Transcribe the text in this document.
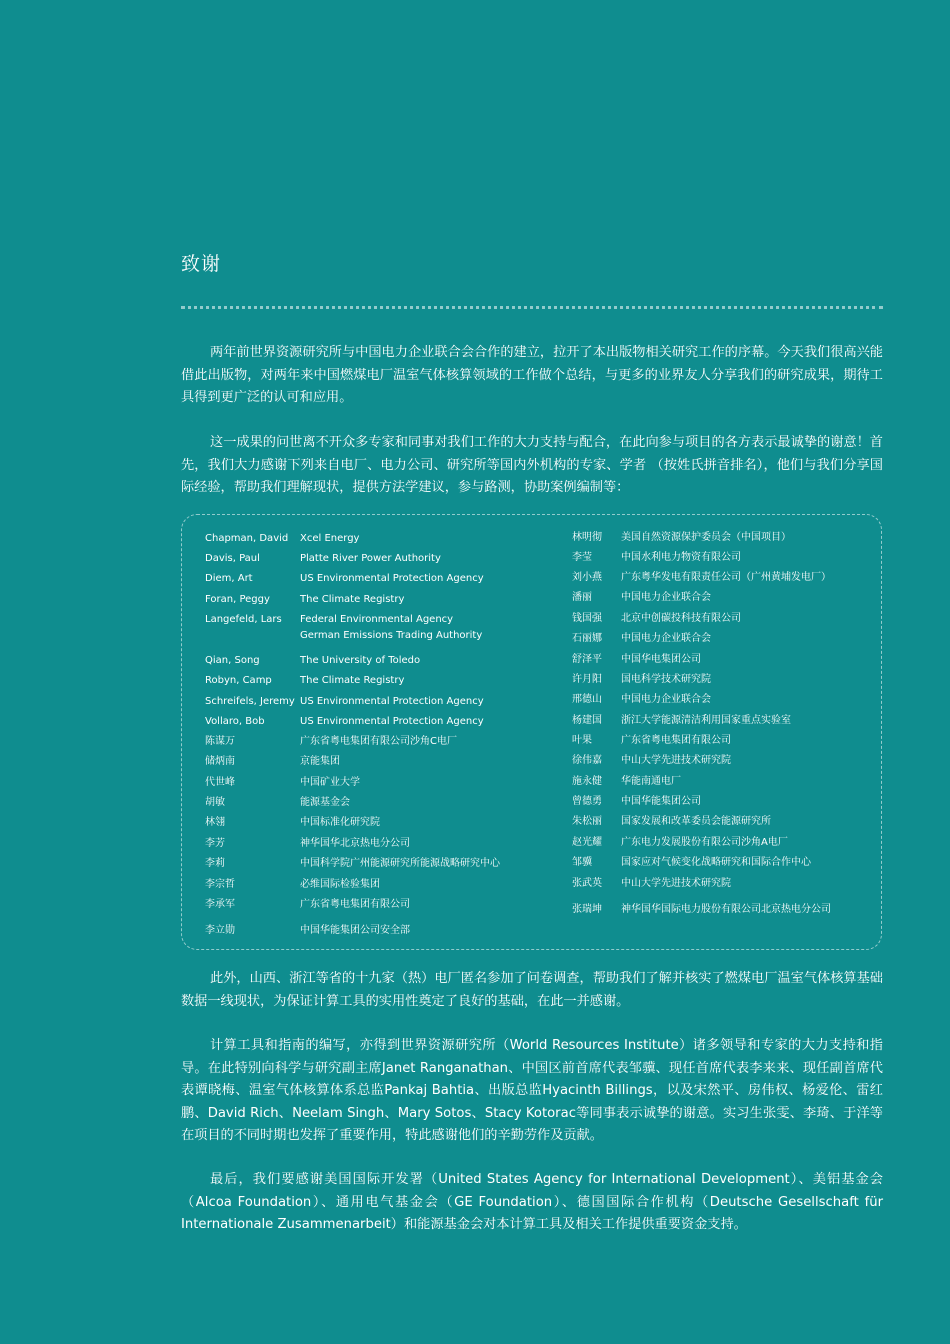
致谢

两年前世界资源研究所与中国电力企业联合会合作的建立，拉开了本出版物相关研究工作的序幕。今天我们很高兴能借此出版物，对两年来中国燃煤电厂温室气体核算领域的工作做个总结，与更多的业界友人分享我们的研究成果，期待工具得到更广泛的认可和应用。

这一成果的问世离不开众多专家和同事对我们工作的大力支持与配合，在此向参与项目的各方表示最诚挚的谢意！首先，我们大力感谢下列来自电厂、电力公司、研究所等国内外机构的专家、学者 （按姓氏拼音排名），他们与我们分享国际经验，帮助我们理解现状，提供方法学建议，参与路测，协助案例编制等：

Chapman, David Xcel Energy
Davis, Paul	Platte River Power Authority
Diem, Art	US Environmental Protection Agency
Foran, Peggy	The Climate Registry
Langefeld, Lars Federal Environmental Agency
German Emissions Trading Authority
Qian, Song	The University of Toledo
Robyn, Camp	The Climate Registry
Schreifels, Jeremy US Environmental Protection Agency
Vollaro, Bob	US Environmental Protection Agency
陈谋万	广东省粤电集团有限公司沙角C电厂
储炳南	京能集团
代世峰	中国矿业大学
胡敏	能源基金会
林翎	中国标准化研究院
李芳	神华国华北京热电分公司
李莉	中国科学院广州能源研究所能源战略研究中心
李宗哲	必维国际检验集团
李承军	广东省粤电集团有限公司
李立勋	中国华能集团公司安全部
林明彻 美国自然资源保护委员会（中国项目）
李莹	中国水利电力物资有限公司
刘小燕 广东粤华发电有限责任公司（广州黄埔发电厂）
潘丽	中国电力企业联合会
钱国强 北京中创碳投科技有限公司
石丽娜 中国电力企业联合会
舒泽平 中国华电集团公司
许月阳 国电科学技术研究院
邢德山 中国电力企业联合会
杨建国 浙江大学能源清洁利用国家重点实验室
叶果	广东省粤电集团有限公司
徐伟嘉 中山大学先进技术研究院
施永健 华能南通电厂
曾德勇 中国华能集团公司
朱松丽 国家发展和改革委员会能源研究所
赵光耀 广东电力发展股份有限公司沙角A电厂
邹骥	国家应对气候变化战略研究和国际合作中心
张武英 中山大学先进技术研究院
张瑞坤 神华国华国际电力股份有限公司北京热电分公司

此外，山西、浙江等省的十九家（热）电厂匿名参加了问卷调查，帮助我们了解并核实了燃煤电厂温室气体核算基础数据一线现状，为保证计算工具的实用性奠定了良好的基础，在此一并感谢。

计算工具和指南的编写，亦得到世界资源研究所（World Resources Institute）诸多领导和专家的大力支持和指导。在此特别向科学与研究副主席Janet Ranganathan、中国区前首席代表邹骥、现任首席代表李来来、现任副首席代表谭晓梅、温室气体核算体系总监Pankaj Bahtia、出版总监Hyacinth Billings，以及宋然平、房伟权、杨爱伦、雷红鹏、David Rich、Neelam Singh、Mary Sotos、Stacy Kotorac等同事表示诚挚的谢意。实习生张雯、李琦、于洋等在项目的不同时期也发挥了重要作用，特此感谢他们的辛勤劳作及贡献。

最后，我们要感谢美国国际开发署（United States Agency for International Development）、美铝基金会（Alcoa Foundation）、通用电气基金会（GE Foundation）、德国国际合作机构（Deutsche Gesellschaft für Internationale Zusammenarbeit）和能源基金会对本计算工具及相关工作提供重要资金支持。
